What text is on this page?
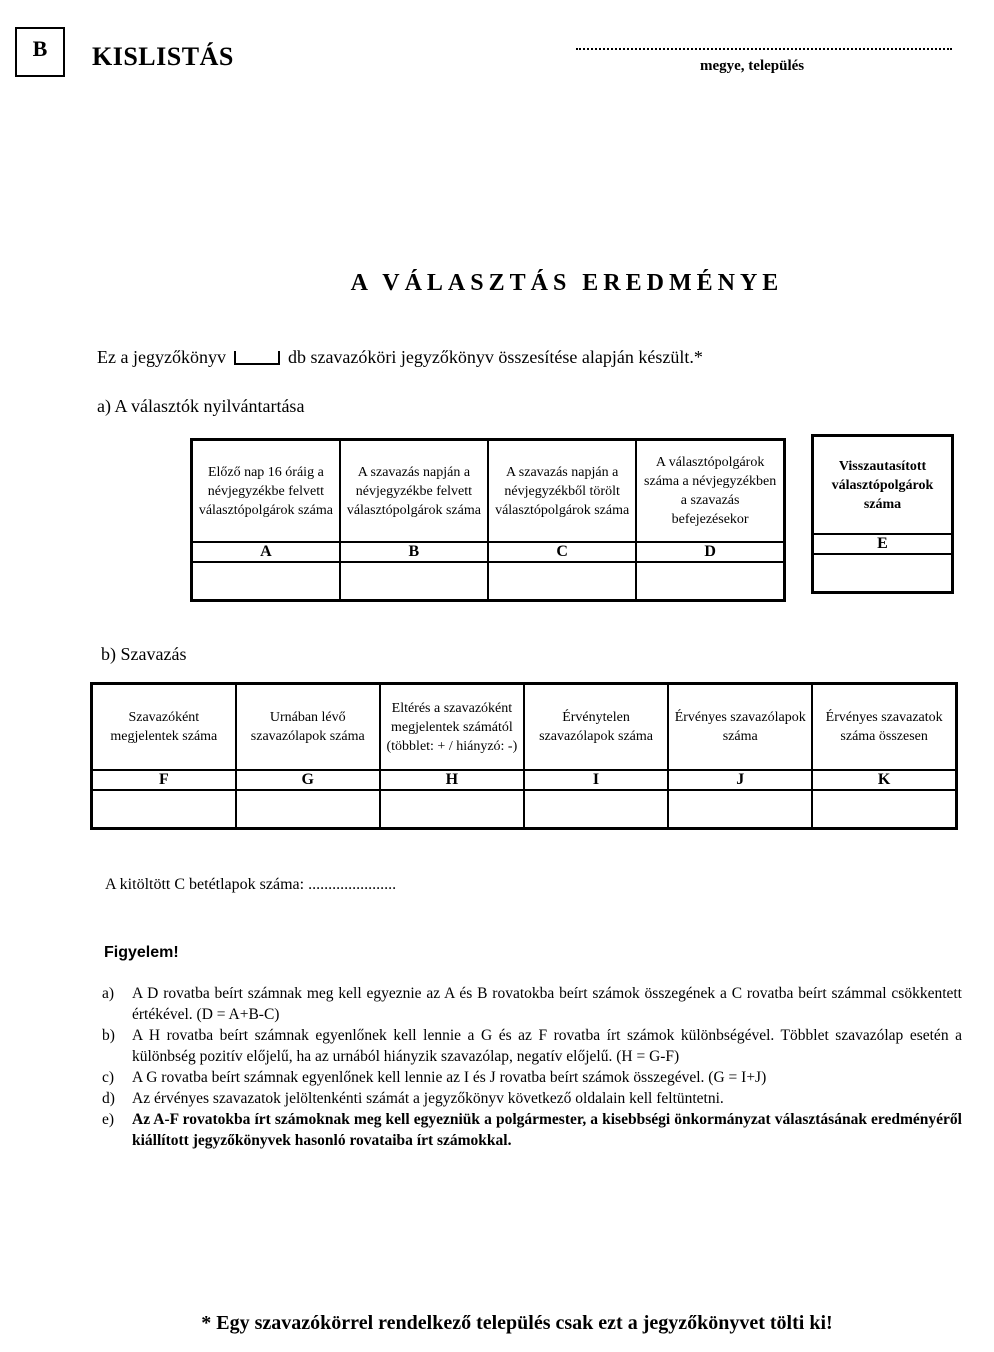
B	KISLISTÁS	megye, település
A VÁLASZTÁS EREDMÉNYE
Ez a jegyzőkönyv	db szavazóköri jegyzőkönyv összesítése alapján készült.*
a) A választók nyilvántartása
Előző nap 16 óráig a névjegyzékbe felvett választópolgárok száma	A szavazás napján a névjegyzékbe felvett választópolgárok száma	A szavazás napján a névjegyzékből törölt választópolgárok száma	A választópolgárok száma a névjegyzékben a szavazás befejezésekor
A	B	C	D

Visszautasított választópolgárok száma
E

b) Szavazás
Szavazóként megjelentek száma	Urnában lévő szavazólapok száma	Eltérés a szavazóként megjelentek számától (többlet: + / hiányzó: -)	Érvénytelen szavazólapok száma	Érvényes szavazólapok száma	Érvényes szavazatok száma összesen
F	G	H	I	J	K

A kitöltött C betétlapok száma: ......................
Figyelem!
a)	A D rovatba beírt számnak meg kell egyeznie az A és B rovatokba beírt számok összegének a C rovatba beírt számmal csökkentett értékével. (D = A+B-C)
b)	A H rovatba beírt számnak egyenlőnek kell lennie a G és az F rovatba írt számok különbségével. Többlet szavazólap esetén a különbség pozitív előjelű, ha az urnából hiányzik szavazólap, negatív előjelű. (H = G-F)
c)	A G rovatba beírt számnak egyenlőnek kell lennie az I és J rovatba beírt számok összegével. (G = I+J)
d)	Az érvényes szavazatok jelöltenkénti számát a jegyzőkönyv következő oldalain kell feltüntetni.
e)	Az A-F rovatokba írt számoknak meg kell egyezniük a polgármester, a kisebbségi önkormányzat választásának eredményéről kiállított jegyzőkönyvek hasonló rovataiba írt számokkal.
* Egy szavazókörrel rendelkező település csak ezt a jegyzőkönyvet tölti ki!
